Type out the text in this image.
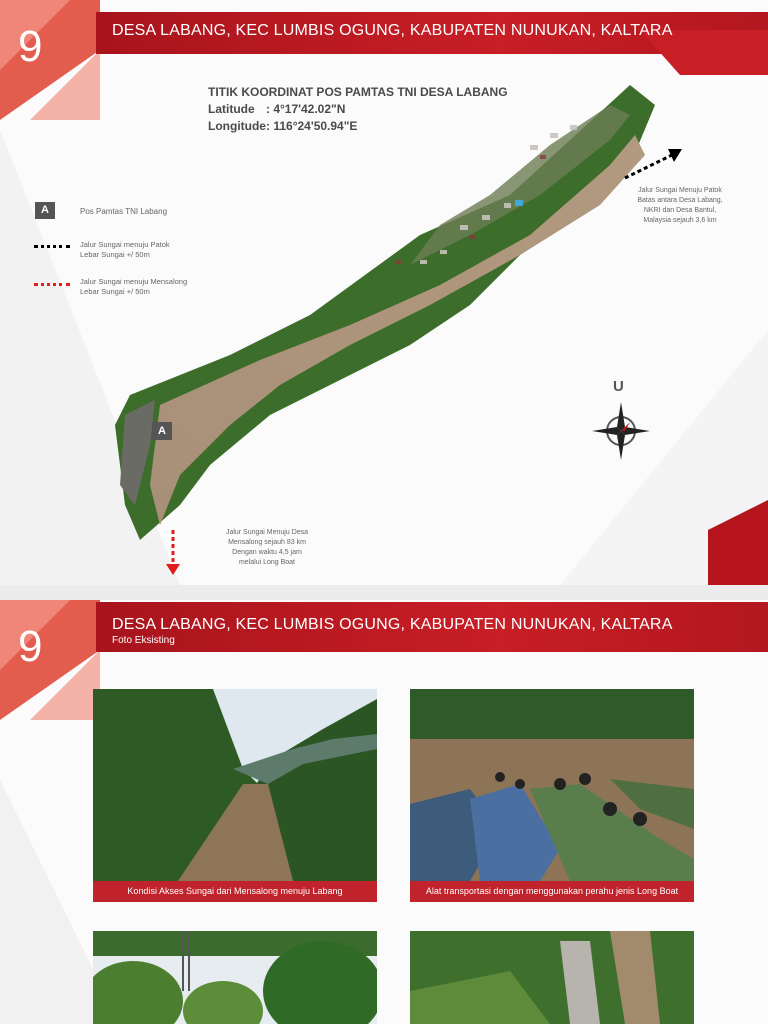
9	DESA LABANG, KEC LUMBIS OGUNG, KABUPATEN NUNUKAN, KALTARA
TITIK KOORDINAT POS PAMTAS TNI DESA LABANG
Latitude : 4°17'42.02"N
Longitude: 116°24'50.94"E
A	Pos Pamtas TNI Labang
Jalur Sungai menuju Patok
Lebar Sungai +/ 50m
Jalur Sungai menuju Mensalong
Lebar Sungai +/ 50m
A
Jalur Sungai Menuju Patok
Batas antara Desa Labang,
NKRI dan Desa Bantul,
Malaysia sejauh 3,6 km
Jalur Sungai Menuju Desa
Mensalong sejauh 83 km
Dengan waktu 4,5 jam
melalui Long Boat
U
9	DESA LABANG, KEC LUMBIS OGUNG, KABUPATEN NUNUKAN, KALTARA
Foto Eksisting
Kondisi Akses Sungai dari Mensalong menuju Labang	Alat transportasi dengan menggunakan perahu jenis Long Boat
